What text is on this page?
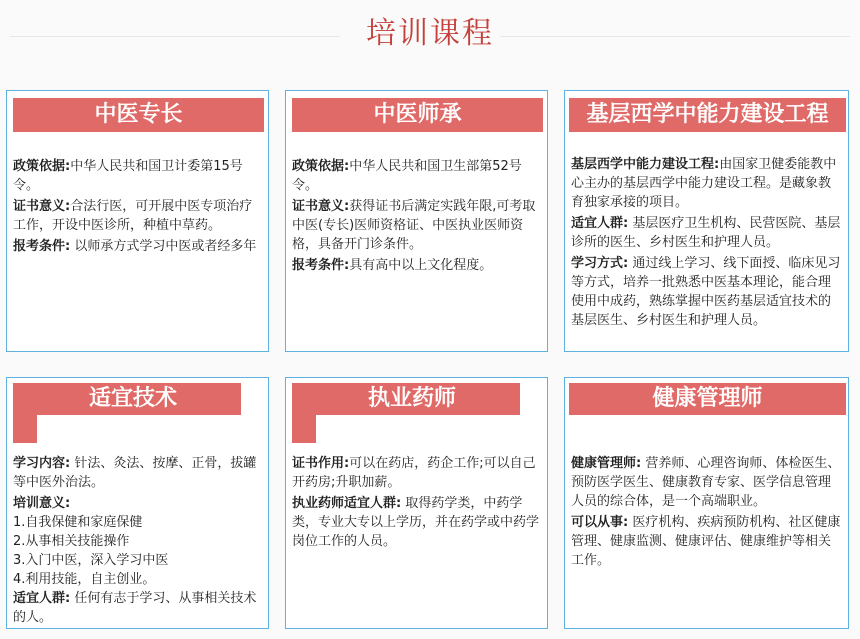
培训课程
中医专长

政策依据:中华人民共和国卫计委第15号令。

证书意义:合法行医，可开展中医专项治疗工作，开设中医诊所，种植中草药。

报考条件: 以师承方式学习中医或者经多年

中医师承

政策依据:中华人民共和国卫生部第52号令。

证书意义:获得证书后满定实践年限,可考取中医(专长)医师资格证、中医执业医师资格，具备开门诊条件。

报考条件:具有高中以上文化程度。

基层西学中能力建设工程

基层西学中能力建设工程:由国家卫健委能教中心主办的基层西学中能力建设工程。是藏象教育独家承接的项目。

适宜人群: 基层医疗卫生机构、民营医院、基层诊所的医生、乡村医生和护理人员。

学习方式: 通过线上学习、线下面授、临床见习等方式，培养一批熟悉中医基本理论，能合理使用中成药，熟练掌握中医药基层适宜技术的基层医生、乡村医生和护理人员。

适宜技术

学习内容: 针法、灸法、按摩、正骨，拔罐等中医外治法。

培训意义:

1.自我保健和家庭保健

2.从事相关技能操作

3.入门中医，深入学习中医

4.利用技能，自主创业。

适宜人群: 任何有志于学习、从事相关技术的人。

执业药师

证书作用:可以在药店，药企工作;可以自己开药房;升职加薪。

执业药师适宜人群: 取得药学类，中药学类，专业大专以上学历，并在药学或中药学岗位工作的人员。

健康管理师

健康管理师: 营养师、心理咨询师、体检医生、预防医学医生、健康教育专家、医学信息管理人员的综合体，是一个高端职业。

可以从事: 医疗机构、疾病预防机构、社区健康管理、健康监测、健康评估、健康维护等相关工作。
